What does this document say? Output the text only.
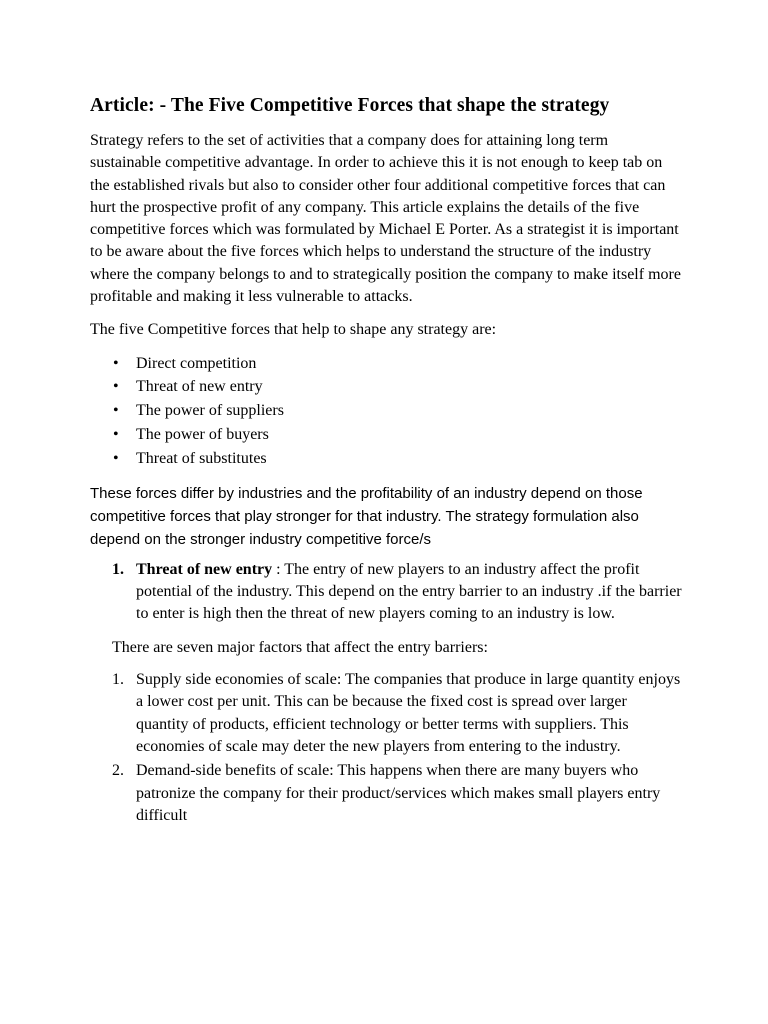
Article: - The Five Competitive Forces that shape the strategy

Strategy refers to the set of activities that a company does for attaining long term sustainable competitive advantage. In order to achieve this it is not enough to keep tab on the established rivals but also to consider other four additional competitive forces that can hurt the prospective profit of any company. This article explains the details of the five competitive forces which was formulated by Michael E Porter. As a strategist it is important to be aware about the five forces which helps to understand the structure of the industry where the company belongs to and to strategically position the company to make itself more profitable and making it less vulnerable to attacks.

The five Competitive forces that help to shape any strategy are:

• Direct competition
• Threat of new entry
• The power of suppliers
• The power of buyers
• Threat of substitutes

These forces differ by industries and the profitability of an industry depend on those competitive forces that play stronger for that industry. The strategy formulation also depend on the stronger industry competitive force/s

1. Threat of new entry : The entry of new players to an industry affect the profit potential of the industry. This depend on the entry barrier to an industry .if the barrier to enter is high then the threat of new players coming to an industry is low.

There are seven major factors that affect the entry barriers:

1. Supply side economies of scale: The companies that produce in large quantity enjoys a lower cost per unit. This can be because the fixed cost is spread over larger quantity of products, efficient technology or better terms with suppliers. This economies of scale may deter the new players from entering to the industry.
2. Demand-side benefits of scale: This happens when there are many buyers who patronize the company for their product/services which makes small players entry difficult
